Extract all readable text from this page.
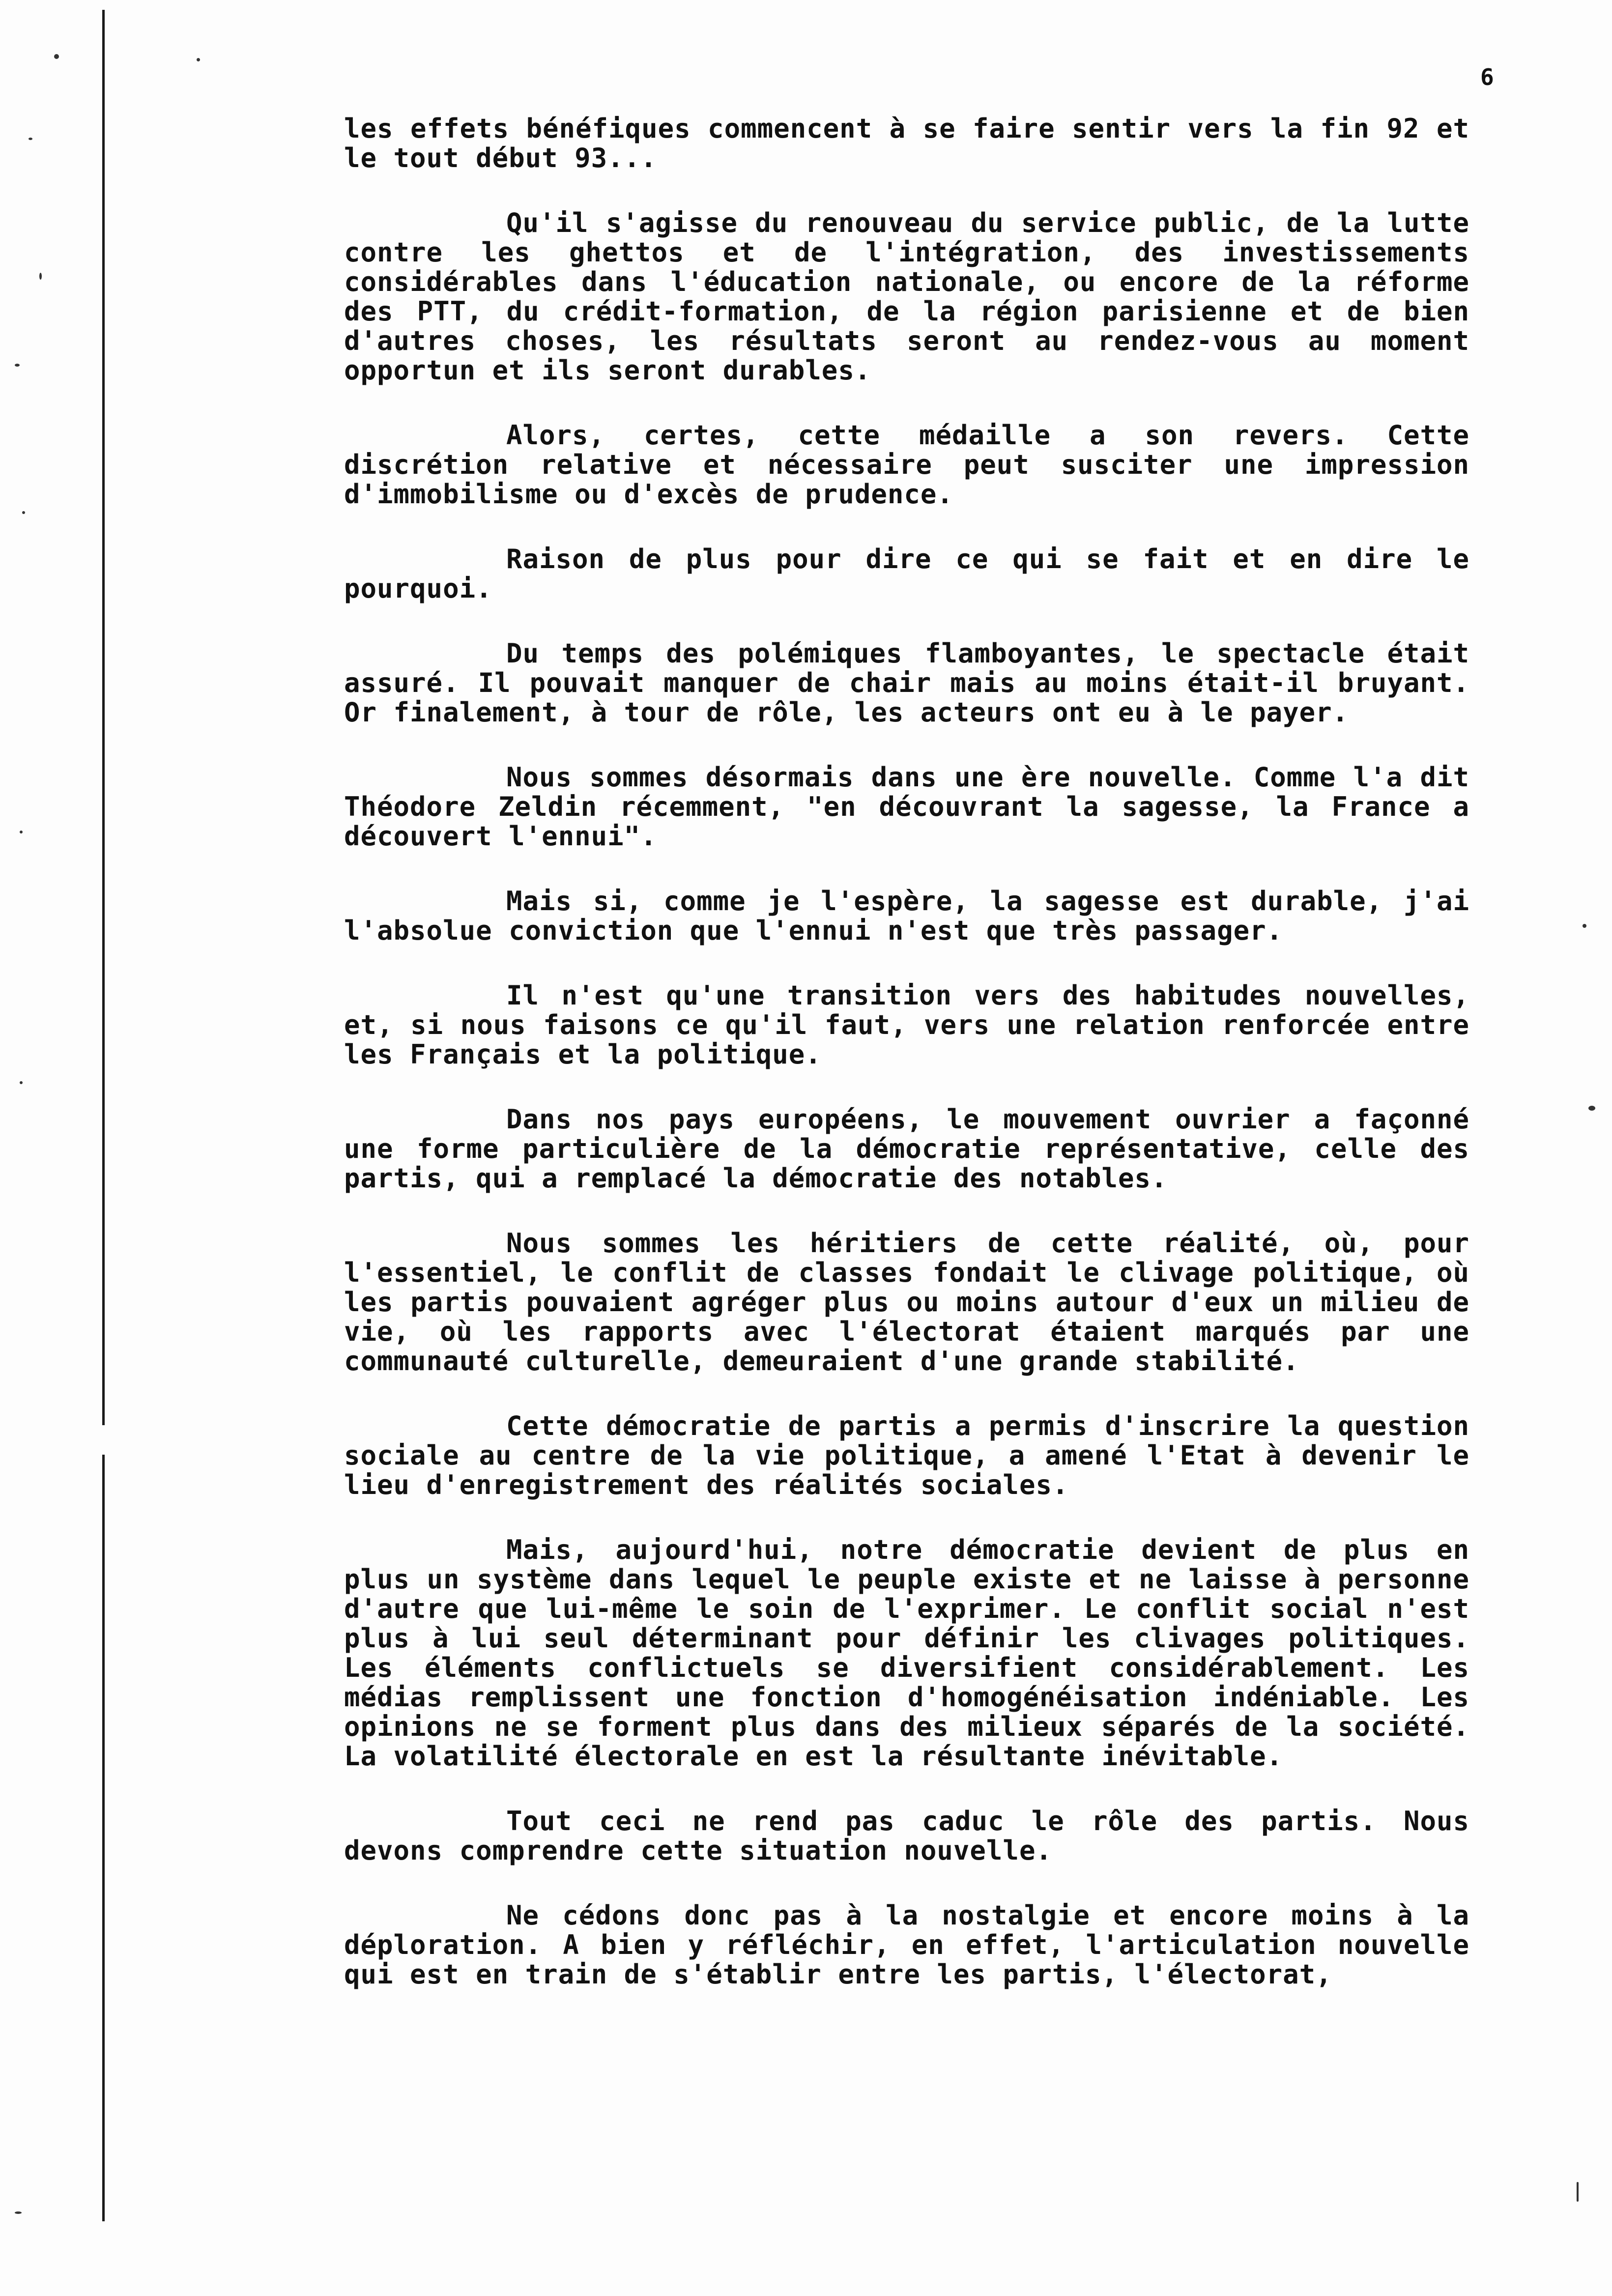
6

les effets bénéfiques commencent à se faire sentir vers la fin 92 et le tout début 93...

Qu'il s'agisse du renouveau du service public, de la lutte contre les ghettos et de l'intégration, des investissements considérables dans l'éducation nationale, ou encore de la réforme des PTT, du crédit-formation, de la région parisienne et de bien d'autres choses, les résultats seront au rendez-vous au moment opportun et ils seront durables.

Alors, certes, cette médaille a son revers. Cette discrétion relative et nécessaire peut susciter une impression d'immobilisme ou d'excès de prudence.

Raison de plus pour dire ce qui se fait et en dire le pourquoi.

Du temps des polémiques flamboyantes, le spectacle était assuré. Il pouvait manquer de chair mais au moins était-il bruyant. Or finalement, à tour de rôle, les acteurs ont eu à le payer.

Nous sommes désormais dans une ère nouvelle. Comme l'a dit Théodore Zeldin récemment, "en découvrant la sagesse, la France a découvert l'ennui".

Mais si, comme je l'espère, la sagesse est durable, j'ai l'absolue conviction que l'ennui n'est que très passager.

Il n'est qu'une transition vers des habitudes nouvelles, et, si nous faisons ce qu'il faut, vers une relation renforcée entre les Français et la politique.

Dans nos pays européens, le mouvement ouvrier a façonné une forme particulière de la démocratie représentative, celle des partis, qui a remplacé la démocratie des notables.

Nous sommes les héritiers de cette réalité, où, pour l'essentiel, le conflit de classes fondait le clivage politique, où les partis pouvaient agréger plus ou moins autour d'eux un milieu de vie, où les rapports avec l'électorat étaient marqués par une communauté culturelle, demeuraient d'une grande stabilité.

Cette démocratie de partis a permis d'inscrire la question sociale au centre de la vie politique, a amené l'Etat à devenir le lieu d'enregistrement des réalités sociales.

Mais, aujourd'hui, notre démocratie devient de plus en plus un système dans lequel le peuple existe et ne laisse à personne d'autre que lui-même le soin de l'exprimer. Le conflit social n'est plus à lui seul déterminant pour définir les clivages politiques. Les éléments conflictuels se diversifient considérablement. Les médias remplissent une fonction d'homogénéisation indéniable. Les opinions ne se forment plus dans des milieux séparés de la société. La volatilité électorale en est la résultante inévitable.

Tout ceci ne rend pas caduc le rôle des partis. Nous devons comprendre cette situation nouvelle.

Ne cédons donc pas à la nostalgie et encore moins à la déploration. A bien y réfléchir, en effet, l'articulation nouvelle qui est en train de s'établir entre les partis, l'électorat,
